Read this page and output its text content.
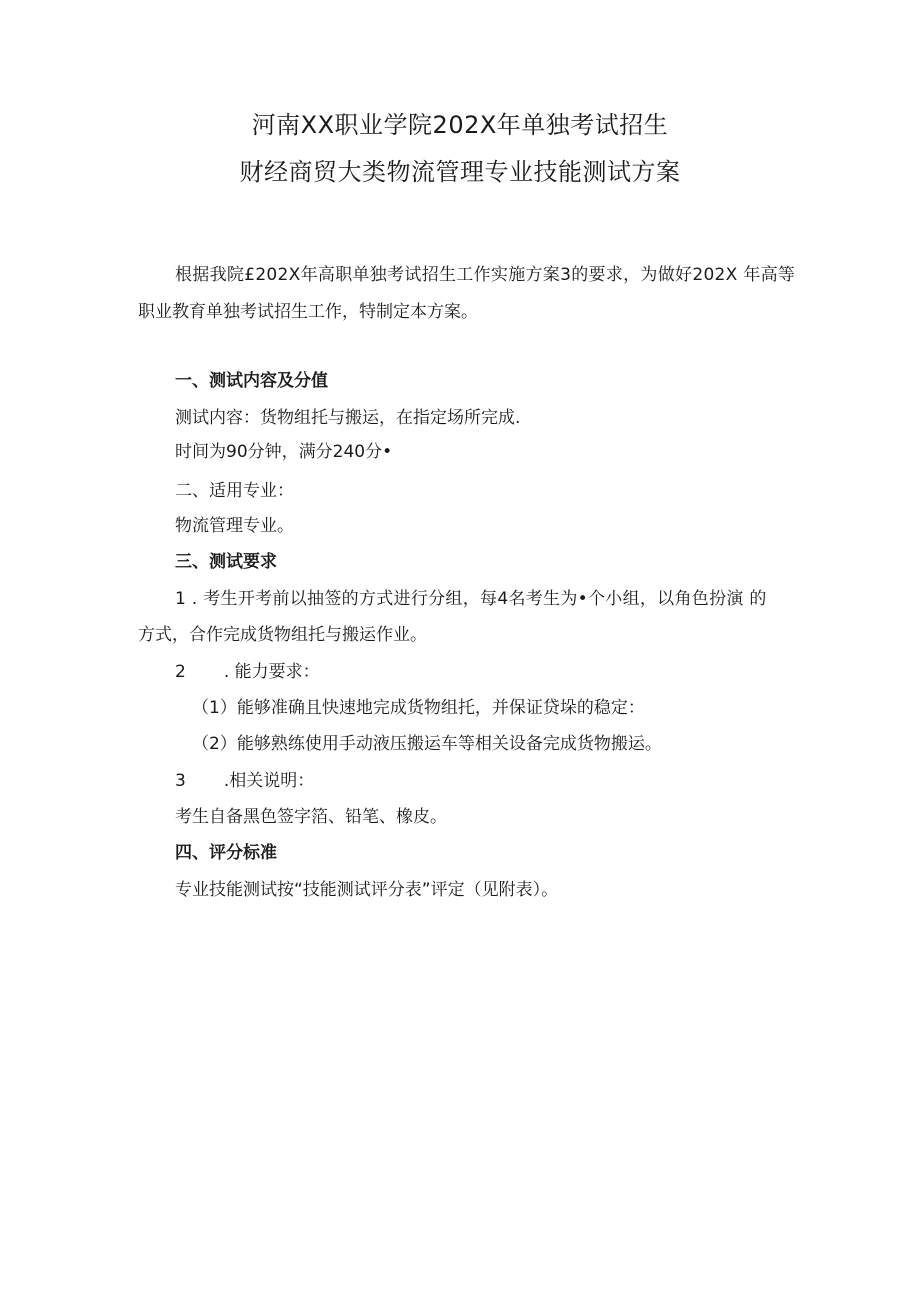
河南XX职业学院202X年单独考试招生
财经商贸大类物流管理专业技能测试方案
根据我院£202X年高职单独考试招生工作实施方案3的要求，为做好202X 年高等
职业教育单独考试招生工作，特制定本方案。
一、测试内容及分值
测试内容：货物组托与搬运，在指定场所完成.
时间为90分钟，满分240分•
二、适用专业：
物流管理专业。
三、测试要求
1 . 考生开考前以抽签的方式进行分组，每4名考生为•个小组，以角色扮演 的
方式，合作完成货物组托与搬运作业。
2 . 能力要求：
（1）能够准确且快速地完成货物组托，并保证贷垛的稳定：
（2）能够熟练使用手动液压搬运车等相关设备完成货物搬运。
3 .相关说明：
考生自备黑色签字箔、铅笔、橡皮。
四、评分标准
专业技能测试按“技能测试评分表”评定（见附表）。
